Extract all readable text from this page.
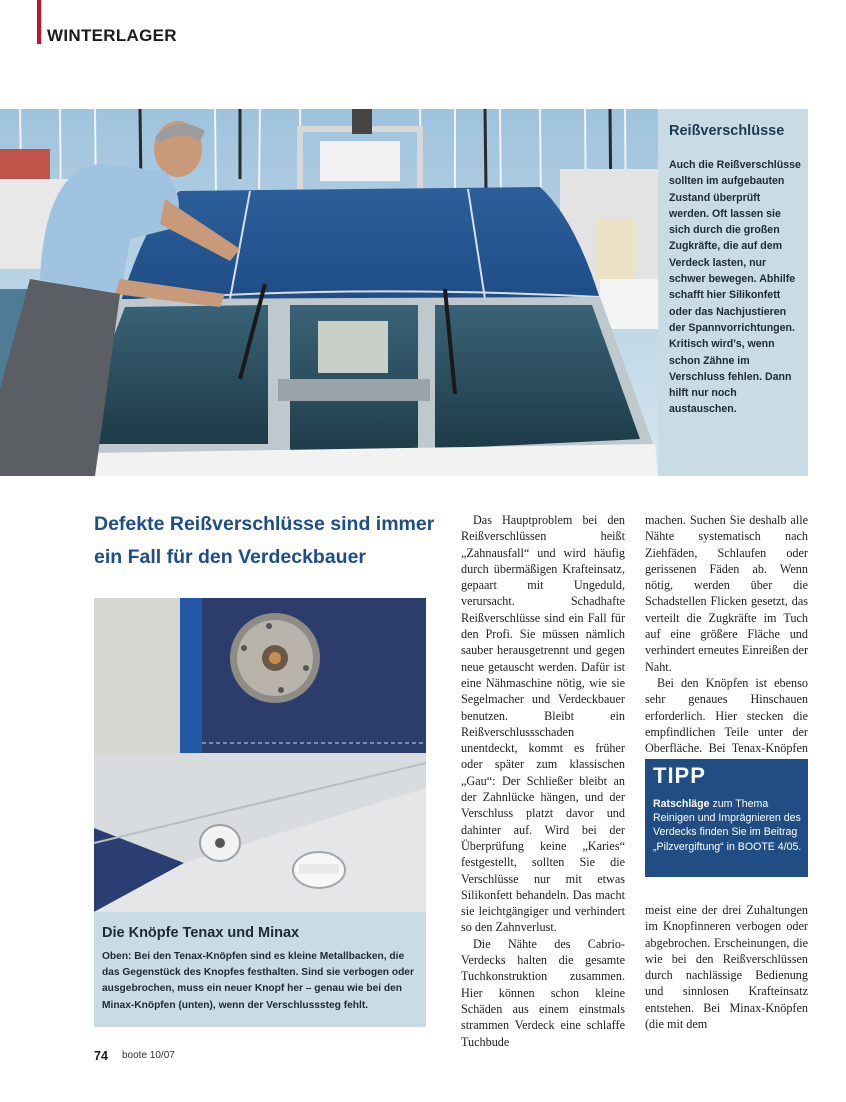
WINTERLAGER
Reißverschlüsse
Auch die Reißverschlüsse sollten im aufgebauten Zustand überprüft werden. Oft lassen sie sich durch die großen Zugkräfte, die auf dem Verdeck lasten, nur schwer bewegen. Abhilfe schafft hier Silikonfett oder das Nachjustieren der Spannvorrichtungen. Kritisch wird’s, wenn schon Zähne im Verschluss fehlen. Dann hilft nur noch austauschen.
Defekte Reißverschlüsse sind immer ein Fall für den Verdeckbauer
Die Knöpfe Tenax und Minax
Oben: Bei den Tenax-Knöpfen sind es kleine Metallbacken, die das Gegenstück des Knopfes festhalten. Sind sie verbogen oder ausgebrochen, muss ein neuer Knopf her – genau wie bei den Minax-Knöpfen (unten), wenn der Verschlusssteg fehlt.

Das Hauptproblem bei den Reißverschlüssen heißt „Zahnausfall“ und wird häufig durch übermäßigen Krafteinsatz, gepaart mit Ungeduld, verursacht. Schadhafte Reißverschlüsse sind ein Fall für den Profi. Sie müssen nämlich sauber herausgetrennt und gegen neue getauscht werden. Dafür ist eine Nähmaschine nötig, wie sie Segelmacher und Verdeckbauer benutzen. Bleibt ein Reißverschlussschaden unentdeckt, kommt es früher oder später zum klassischen „Gau“: Der Schließer bleibt an der Zahnlücke hängen, und der Verschluss platzt davor und dahinter auf. Wird bei der Überprüfung keine „Karies“ festgestellt, sollten Sie die Verschlüsse nur mit etwas Silikonfett behandeln. Das macht sie leichtgängiger und verhindert so den Zahnverlust.

Die Nähte des Cabrio-Verdecks halten die gesamte Tuchkonstruktion zusammen. Hier können schon kleine Schäden aus einem einstmals strammen Verdeck eine schlaffe Tuchbude

machen. Suchen Sie deshalb alle Nähte systematisch nach Ziehfäden, Schlaufen oder gerissenen Fäden ab. Wenn nötig, werden über die Schadstellen Flicken gesetzt, das verteilt die Zugkräfte im Tuch auf eine größere Fläche und verhindert erneutes Einreißen der Naht.

Bei den Knöpfen ist ebenso sehr genaues Hinschauen erforderlich. Hier stecken die empfindlichen Teile unter der Oberfläche. Bei Tenax-Knöpfen

TIPP
Ratschläge zum Thema Reinigen und Imprägnieren des Verdecks finden Sie im Beitrag „Pilzvergiftung“ in BOOTE 4/05.

meist eine der drei Zuhaltungen im Knopfinneren verbogen oder abgebrochen. Erscheinungen, die wie bei den Reißverschlüssen durch nachlässige Bedienung und sinnlosen Krafteinsatz entstehen. Bei Minax-Knöpfen (die mit dem

74 boote 10/07
